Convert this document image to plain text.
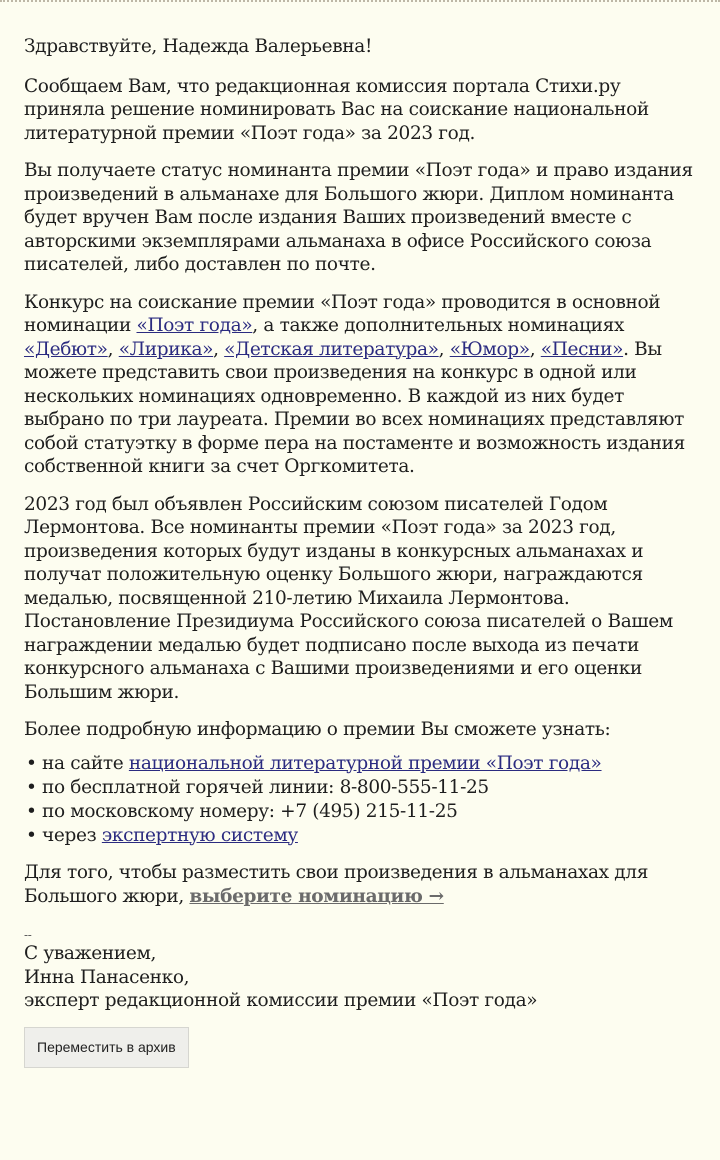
Здравствуйте, Надежда Валерьевна!

Сообщаем Вам, что редакционная комиссия портала Стихи.ру приняла решение номинировать Вас на соискание национальной литературной премии «Поэт года» за 2023 год.

Вы получаете статус номинанта премии «Поэт года» и право издания произведений в альманахе для Большого жюри. Диплом номинанта будет вручен Вам после издания Ваших произведений вместе с авторскими экземплярами альманаха в офисе Российского союза писателей, либо доставлен по почте.

Конкурс на соискание премии «Поэт года» проводится в основной номинации «Поэт года», а также дополнительных номинациях «Дебют», «Лирика», «Детская литература», «Юмор», «Песни». Вы можете представить свои произведения на конкурс в одной или нескольких номинациях одновременно. В каждой из них будет выбрано по три лауреата. Премии во всех номинациях представляют собой статуэтку в форме пера на постаменте и возможность издания собственной книги за счет Оргкомитета.

2023 год был объявлен Российским союзом писателей Годом Лермонтова. Все номинанты премии «Поэт года» за 2023 год, произведения которых будут изданы в конкурсных альманахах и получат положительную оценку Большого жюри, награждаются медалью, посвященной 210-летию Михаила Лермонтова. Постановление Президиума Российского союза писателей о Вашем награждении медалью будет подписано после выхода из печати конкурсного альманаха с Вашими произведениями и его оценки Большим жюри.

Более подробную информацию о премии Вы сможете узнать:

• на сайте национальной литературной премии «Поэт года»
• по бесплатной горячей линии: 8-800-555-11-25
• по московскому номеру: +7 (495) 215-11-25
• через экспертную систему

Для того, чтобы разместить свои произведения в альманахах для Большого жюри, выберите номинацию →

--

С уважением,

Инна Панасенко,

эксперт редакционной комиссии премии «Поэт года»

Переместить в архив
